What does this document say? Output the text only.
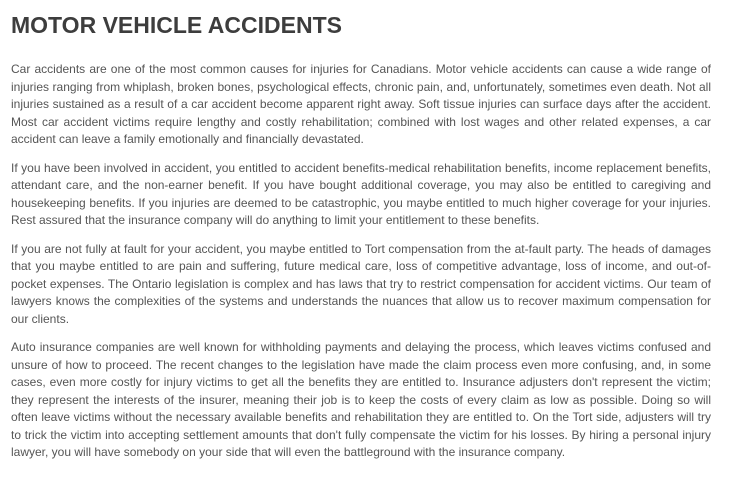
MOTOR VEHICLE ACCIDENTS

Car accidents are one of the most common causes for injuries for Canadians. Motor vehicle accidents can cause a wide range of injuries ranging from whiplash, broken bones, psychological effects, chronic pain, and, unfortunately, sometimes even death. Not all injuries sustained as a result of a car accident become apparent right away. Soft tissue injuries can surface days after the accident. Most car accident victims require lengthy and costly rehabilitation; combined with lost wages and other related expenses, a car accident can leave a family emotionally and financially devastated.

If you have been involved in accident, you entitled to accident benefits-medical rehabilitation benefits, income replacement benefits, attendant care, and the non-earner benefit. If you have bought additional coverage, you may also be entitled to caregiving and housekeeping benefits. If you injuries are deemed to be catastrophic, you maybe entitled to much higher coverage for your injuries. Rest assured that the insurance company will do anything to limit your entitlement to these benefits.

If you are not fully at fault for your accident, you maybe entitled to Tort compensation from the at-fault party. The heads of damages that you maybe entitled to are pain and suffering, future medical care, loss of competitive advantage, loss of income, and out-of-pocket expenses. The Ontario legislation is complex and has laws that try to restrict compensation for accident victims. Our team of lawyers knows the complexities of the systems and understands the nuances that allow us to recover maximum compensation for our clients.

Auto insurance companies are well known for withholding payments and delaying the process, which leaves victims confused and unsure of how to proceed. The recent changes to the legislation have made the claim process even more confusing, and, in some cases, even more costly for injury victims to get all the benefits they are entitled to. Insurance adjusters don't represent the victim; they represent the interests of the insurer, meaning their job is to keep the costs of every claim as low as possible. Doing so will often leave victims without the necessary available benefits and rehabilitation they are entitled to. On the Tort side, adjusters will try to trick the victim into accepting settlement amounts that don't fully compensate the victim for his losses. By hiring a personal injury lawyer, you will have somebody on your side that will even the battleground with the insurance company.
